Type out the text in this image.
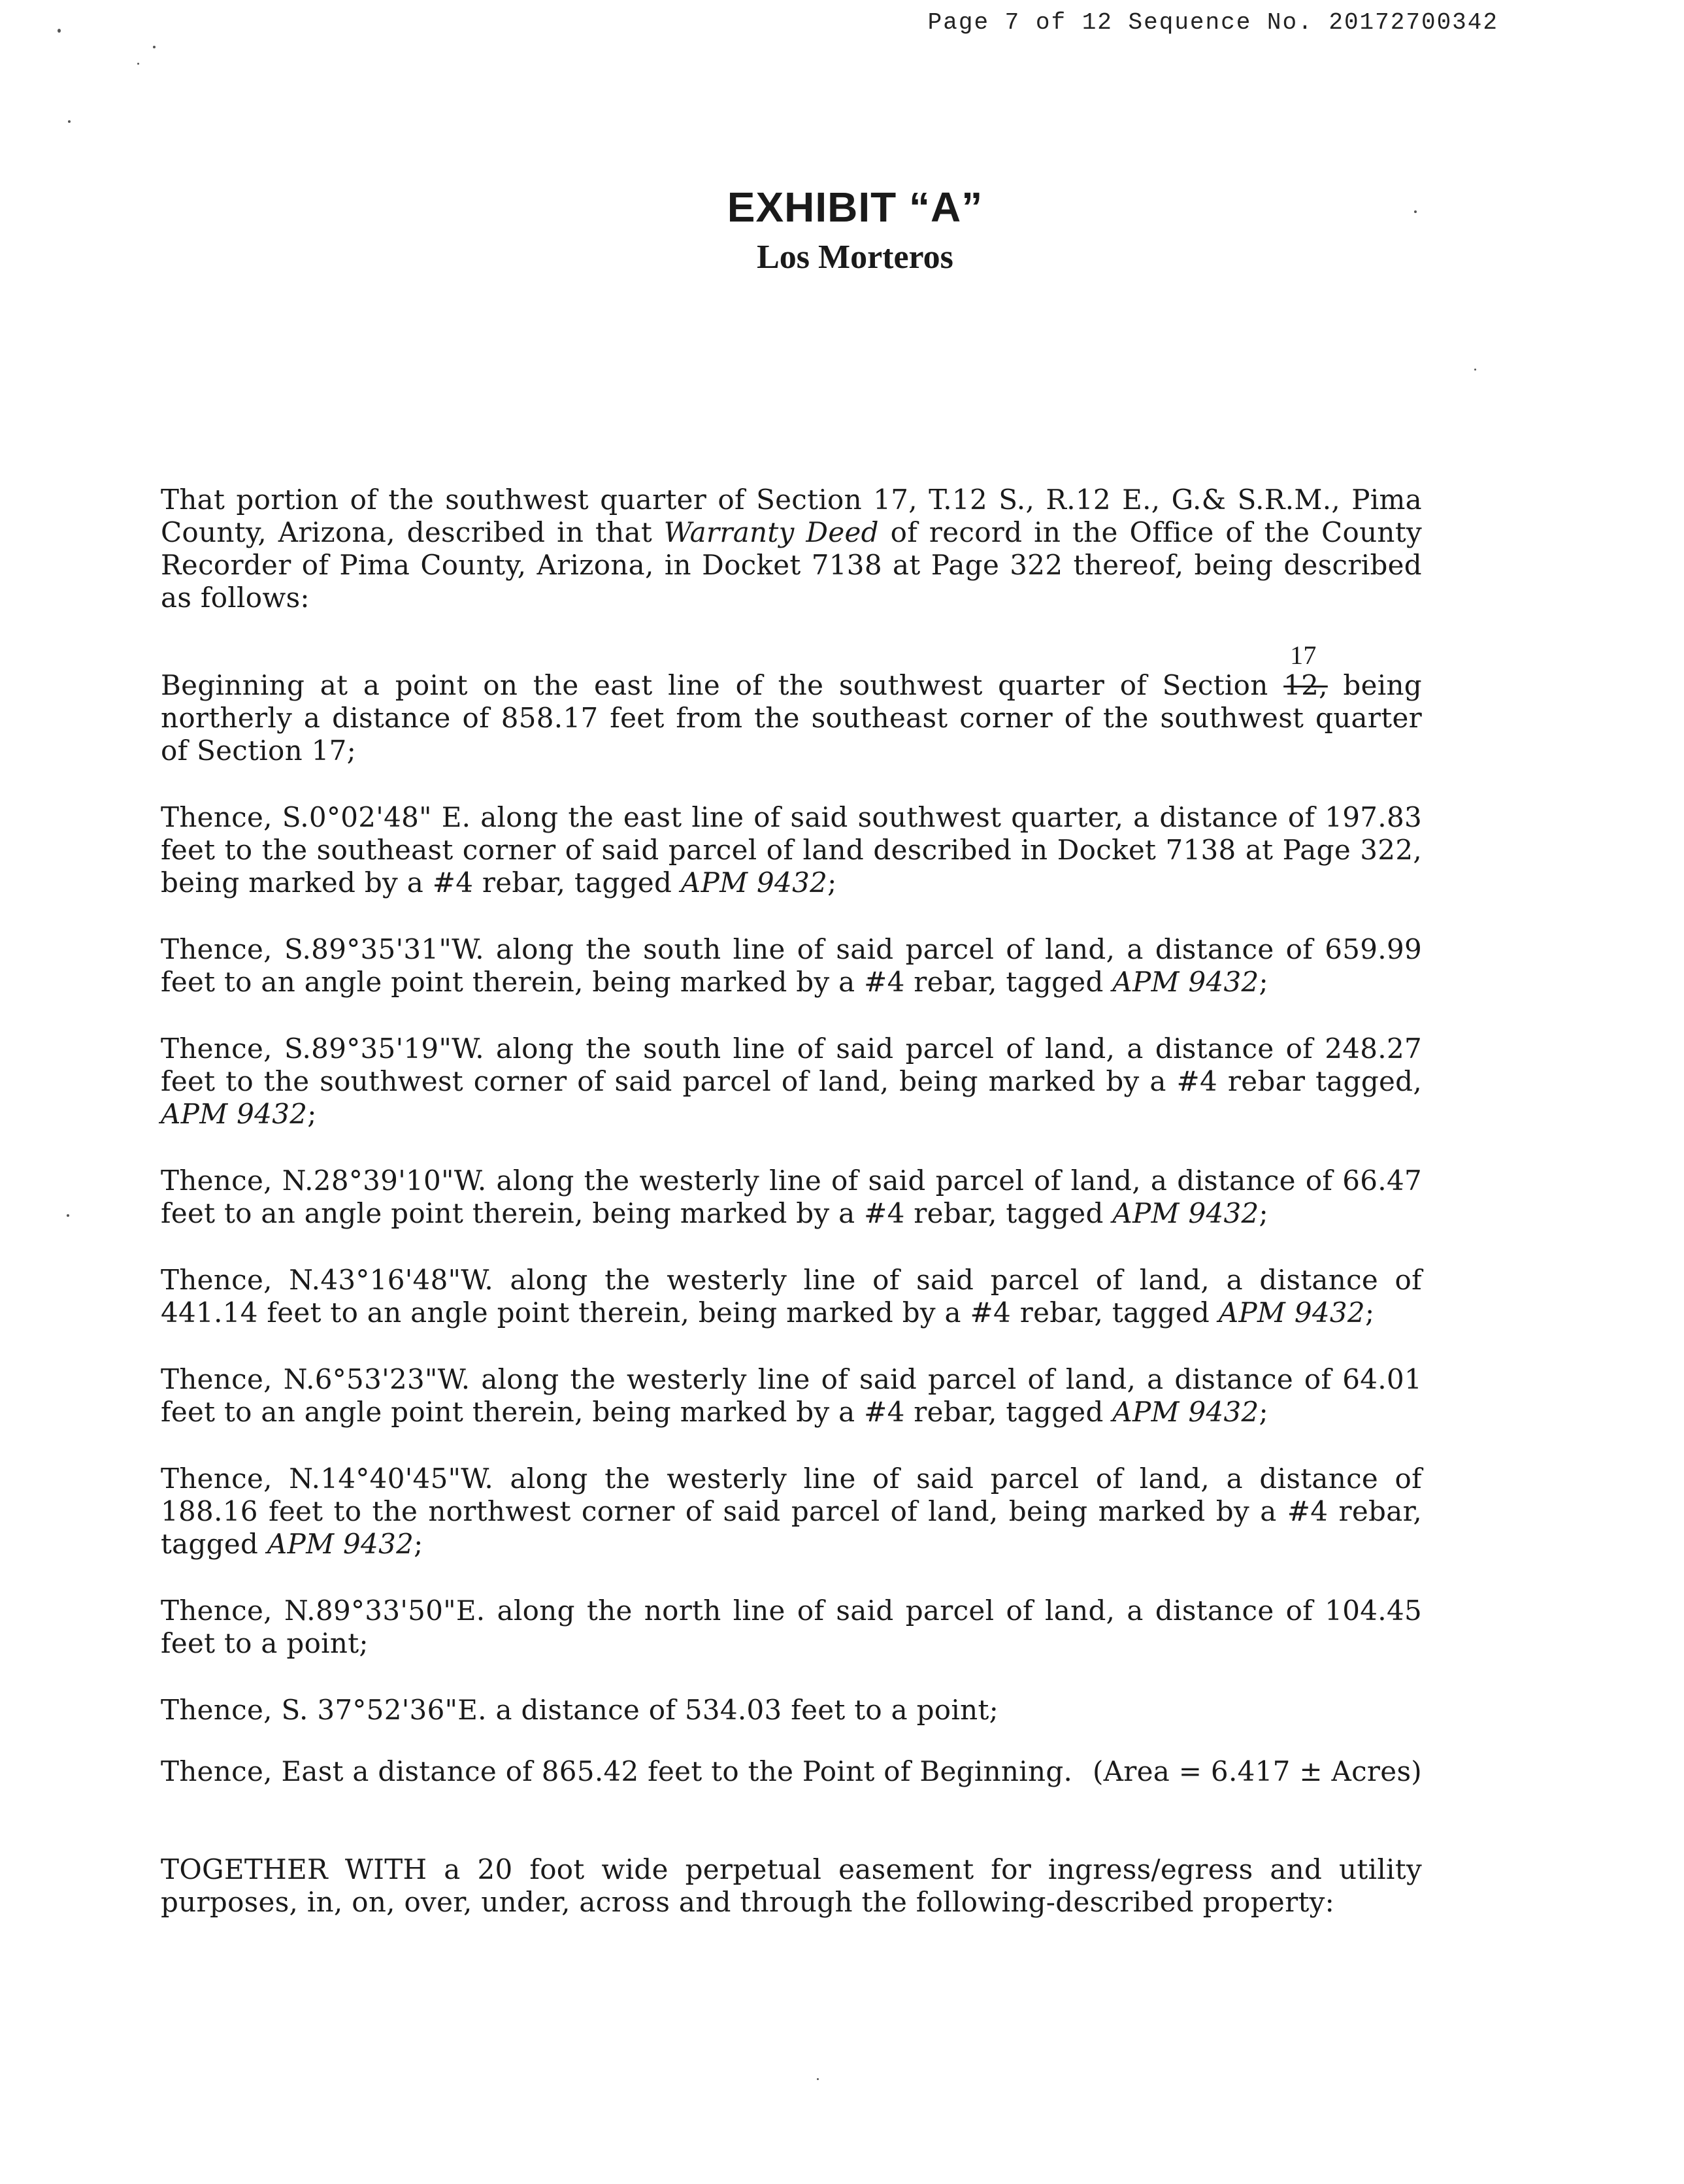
Page 7 of 12 Sequence No. 20172700342
EXHIBIT “A”
Los Morteros

That portion of the southwest quarter of Section 17, T.12 S., R.12 E., G.& S.R.M., Pima County, Arizona, described in that Warranty Deed of record in the Office of the County Recorder of Pima County, Arizona, in Docket 7138 at Page 322 thereof, being described as follows:

Beginning at a point on the east line of the southwest quarter of Section 12,
17
being northerly a distance of 858.17 feet from the southeast corner of the southwest quarter of Section 17;

Thence, S.0°02'48" E. along the east line of said southwest quarter, a distance of 197.83 feet to the southeast corner of said parcel of land described in Docket 7138 at Page 322, being marked by a #4 rebar, tagged APM 9432;

Thence, S.89°35'31"W. along the south line of said parcel of land, a distance of 659.99 feet to an angle point therein, being marked by a #4 rebar, tagged APM 9432;

Thence, S.89°35'19"W. along the south line of said parcel of land, a distance of 248.27 feet to the southwest corner of said parcel of land, being marked by a #4 rebar tagged, APM 9432;

Thence, N.28°39'10"W. along the westerly line of said parcel of land, a distance of 66.47 feet to an angle point therein, being marked by a #4 rebar, tagged APM 9432;

Thence, N.43°16'48"W. along the westerly line of said parcel of land, a distance of 441.14 feet to an angle point therein, being marked by a #4 rebar, tagged APM 9432;

Thence, N.6°53'23"W. along the westerly line of said parcel of land, a distance of 64.01 feet to an angle point therein, being marked by a #4 rebar, tagged APM 9432;

Thence, N.14°40'45"W. along the westerly line of said parcel of land, a distance of 188.16 feet to the northwest corner of said parcel of land, being marked by a #4 rebar, tagged APM 9432;

Thence, N.89°33'50"E. along the north line of said parcel of land, a distance of 104.45 feet to a point;

Thence, S. 37°52'36"E. a distance of 534.03 feet to a point;

Thence, East a distance of 865.42 feet to the Point of Beginning. (Area = 6.417 ± Acres)

TOGETHER WITH a 20 foot wide perpetual easement for ingress/egress and utility purposes, in, on, over, under, across and through the following-described property:
